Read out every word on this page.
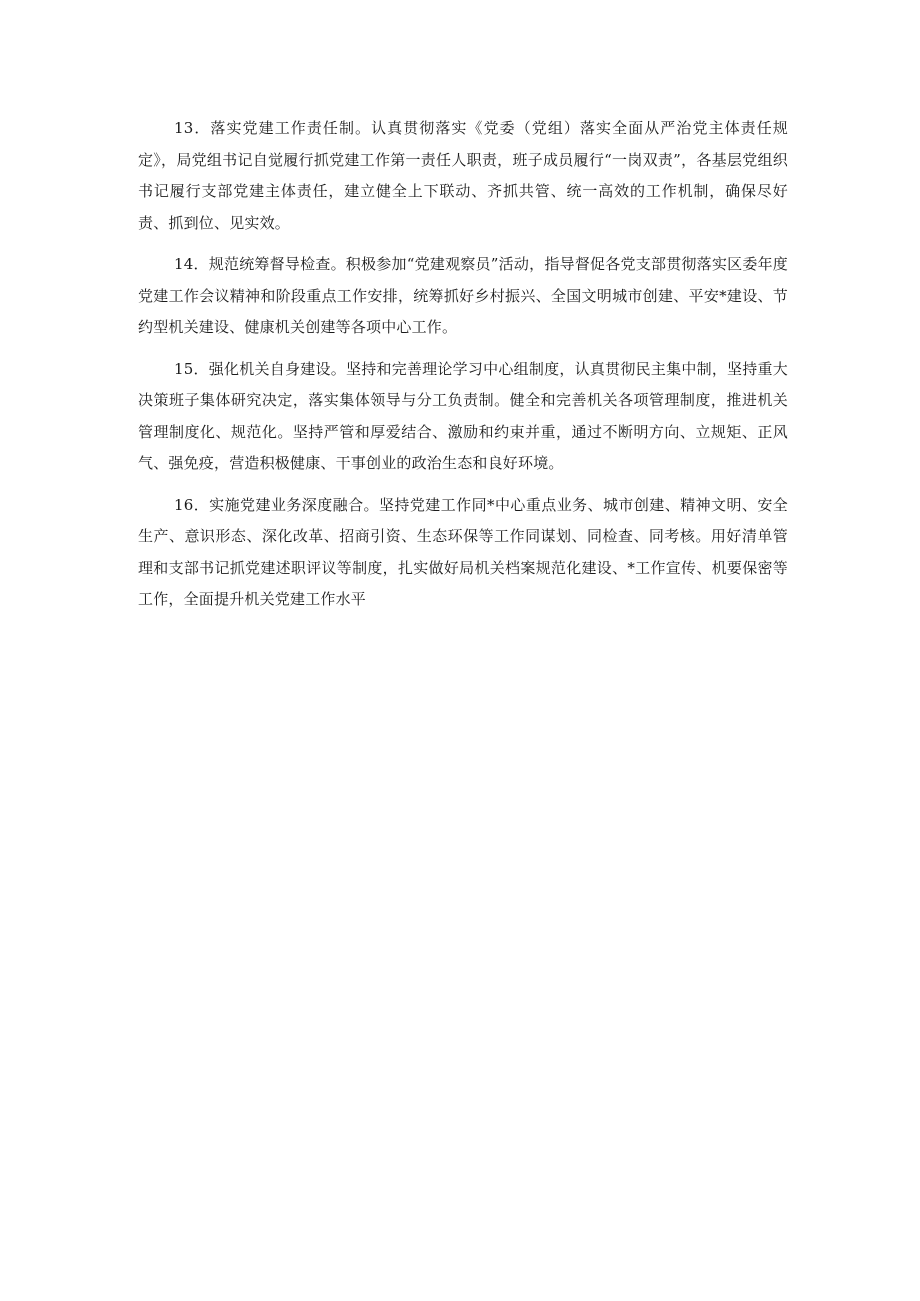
13．落实党建工作责任制。认真贯彻落实《党委（党组）落实全面从严治党主体责任规定》，局党组书记自觉履行抓党建工作第一责任人职责，班子成员履行“一岗双责”，各基层党组织书记履行支部党建主体责任，建立健全上下联动、齐抓共管、统一高效的工作机制，确保尽好责、抓到位、见实效。

14．规范统筹督导检查。积极参加“党建观察员”活动，指导督促各党支部贯彻落实区委年度党建工作会议精神和阶段重点工作安排，统筹抓好乡村振兴、全国文明城市创建、平安*建设、节约型机关建设、健康机关创建等各项中心工作。

15．强化机关自身建设。坚持和完善理论学习中心组制度，认真贯彻民主集中制，坚持重大决策班子集体研究决定，落实集体领导与分工负责制。健全和完善机关各项管理制度，推进机关管理制度化、规范化。坚持严管和厚爱结合、激励和约束并重，通过不断明方向、立规矩、正风气、强免疫，营造积极健康、干事创业的政治生态和良好环境。

16．实施党建业务深度融合。坚持党建工作同*中心重点业务、城市创建、精神文明、安全生产、意识形态、深化改革、招商引资、生态环保等工作同谋划、同检查、同考核。用好清单管理和支部书记抓党建述职评议等制度，扎实做好局机关档案规范化建设、*工作宣传、机要保密等工作，全面提升机关党建工作水平
